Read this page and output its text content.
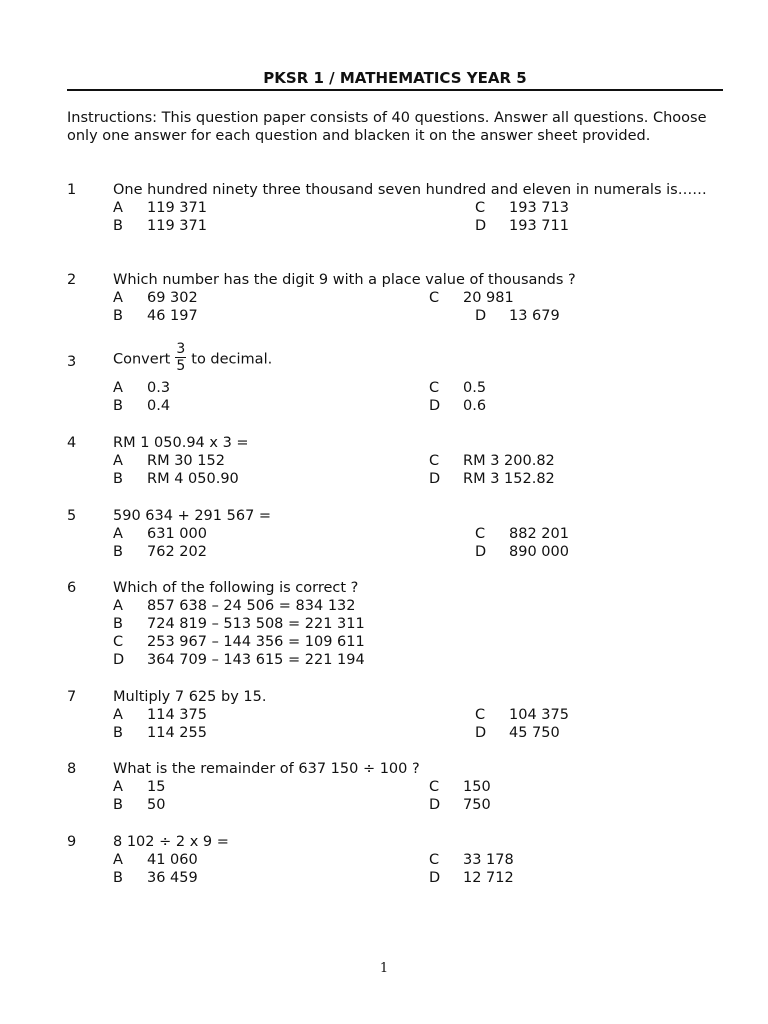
PKSR 1 / MATHEMATICS YEAR 5
Instructions: This question paper consists of 40 questions. Answer all questions. Choose only one answer for each question and blacken it on the answer sheet provided.
1	One hundred ninety three thousand seven hundred and eleven in numerals is……
A 119 371	C 193 713
B 119 371	D 193 711
2	Which number has the digit 9 with a place value of thousands ?
A 69 302	C 20 981
B 46 197	D 13 679
3	Convert $\frac{3}{5}$ to decimal.
A 0.3	C 0.5
B 0.4	D 0.6
4	RM 1 050.94 x 3 =
A RM 30 152	C RM 3 200.82
B RM 4 050.90	D RM 3 152.82
5	590 634 + 291 567 =
A 631 000	C 882 201
B 762 202	D 890 000
6	Which of the following is correct ?
A 857 638 – 24 506 = 834 132
B 724 819 – 513 508 = 221 311
C 253 967 – 144 356 = 109 611
D 364 709 – 143 615 = 221 194
7	Multiply 7 625 by 15.
A 114 375	C 104 375
B 114 255	D 45 750
8	What is the remainder of 637 150 ÷ 100 ?
A 15	C 150
B 50	D 750
9	8 102 ÷ 2 x 9 =
A 41 060	C 33 178
B 36 459	D 12 712
1
